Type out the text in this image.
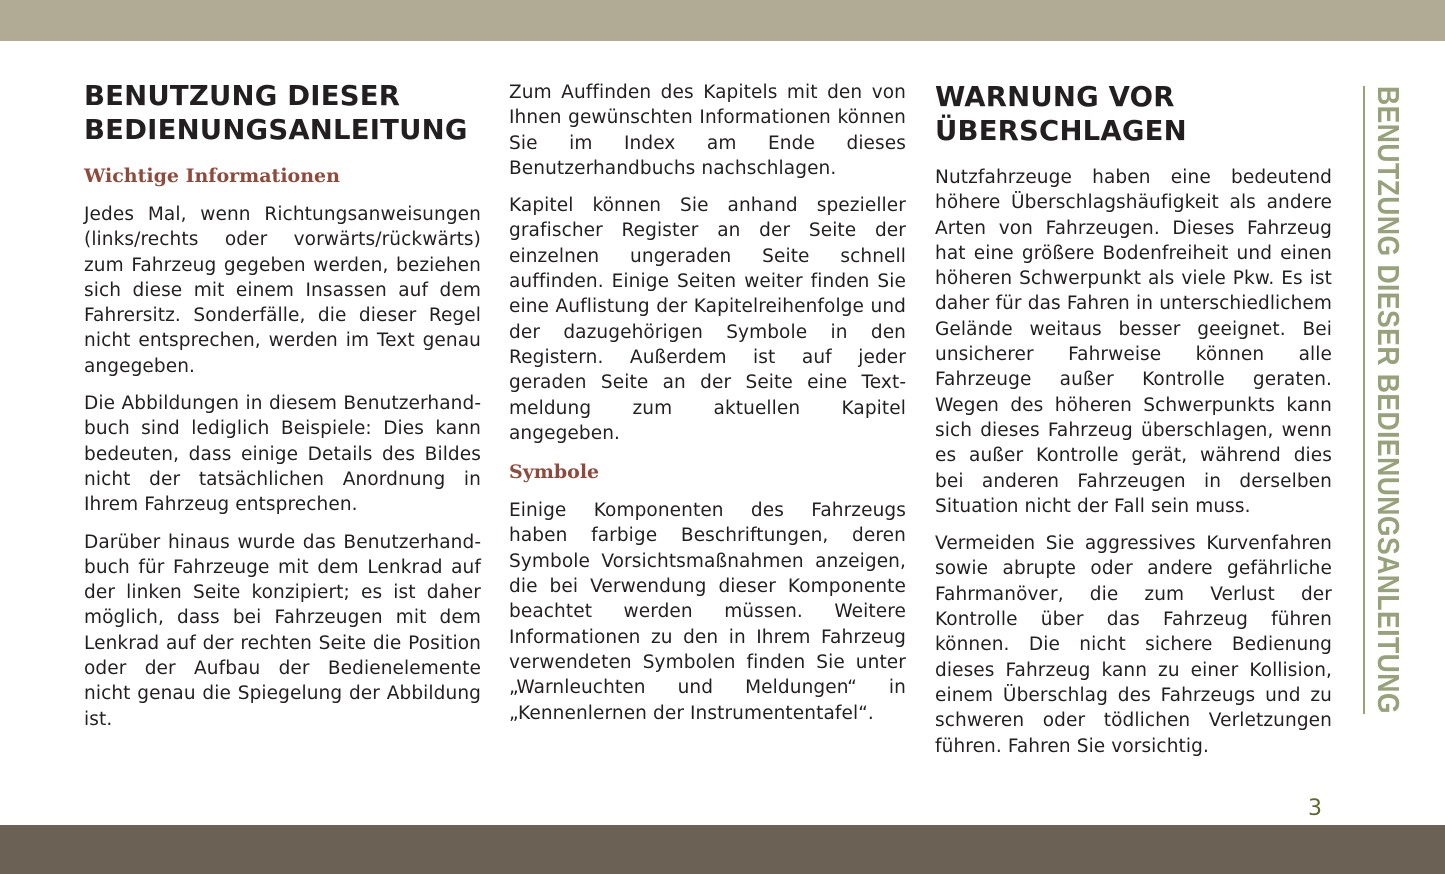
BENUTZUNG DIESER BEDIENUNGSANLEITUNG
Wichtige Informationen

Jedes Mal, wenn Richtungsanweisungen (links/rechts oder vorwärts/rückwärts) zum Fahrzeug gegeben werden, beziehen sich diese mit einem Insassen auf dem Fahrersitz. Sonderfälle, die dieser Regel nicht entsprechen, werden im Text genau angegeben.

Die Abbildungen in diesem Benutzerhandbuch sind lediglich Beispiele: Dies kann bedeuten, dass einige Details des Bildes nicht der tatsächlichen Anordnung in Ihrem Fahrzeug entsprechen.

Darüber hinaus wurde das Benutzerhandbuch für Fahrzeuge mit dem Lenkrad auf der linken Seite konzipiert; es ist daher möglich, dass bei Fahrzeugen mit dem Lenkrad auf der rechten Seite die Position oder der Aufbau der Bedienelemente nicht genau die Spiegelung der Abbildung ist.

Zum Auffinden des Kapitels mit den von Ihnen gewünschten Informationen können Sie im Index am Ende dieses Benutzerhandbuchs nachschlagen.

Kapitel können Sie anhand spezieller grafischer Register an der Seite der einzelnen ungeraden Seite schnell auffinden. Einige Seiten weiter finden Sie eine Auflistung der Kapitelreihenfolge und der dazugehörigen Symbole in den Registern. Außerdem ist auf jeder geraden Seite an der Seite eine Textmeldung zum aktuellen Kapitel angegeben.

Symbole

Einige Komponenten des Fahrzeugs haben farbige Beschriftungen, deren Symbole Vorsichtsmaßnahmen anzeigen, die bei Verwendung dieser Komponente beachtet werden müssen. Weitere Informationen zu den in Ihrem Fahrzeug verwendeten Symbolen finden Sie unter „Warnleuchten und Meldungen“ in „Kennenlernen der Instrumententafel“.

WARNUNG VOR ÜBERSCHLAGEN

Nutzfahrzeuge haben eine bedeutend höhere Überschlagshäufigkeit als andere Arten von Fahrzeugen. Dieses Fahrzeug hat eine größere Bodenfreiheit und einen höheren Schwerpunkt als viele Pkw. Es ist daher für das Fahren in unterschiedlichem Gelände weitaus besser geeignet. Bei unsicherer Fahrweise können alle Fahrzeuge außer Kontrolle geraten. Wegen des höheren Schwerpunkts kann sich dieses Fahrzeug überschlagen, wenn es außer Kontrolle gerät, während dies bei anderen Fahrzeugen in derselben Situation nicht der Fall sein muss.

Vermeiden Sie aggressives Kurvenfahren sowie abrupte oder andere gefährliche Fahrmanöver, die zum Verlust der Kontrolle über das Fahrzeug führen können. Die nicht sichere Bedienung dieses Fahrzeug kann zu einer Kollision, einem Überschlag des Fahrzeugs und zu schweren oder tödlichen Verletzungen führen. Fahren Sie vorsichtig.

BENUTZUNG DIESER BEDIENUNGSANLEITUNG
3
